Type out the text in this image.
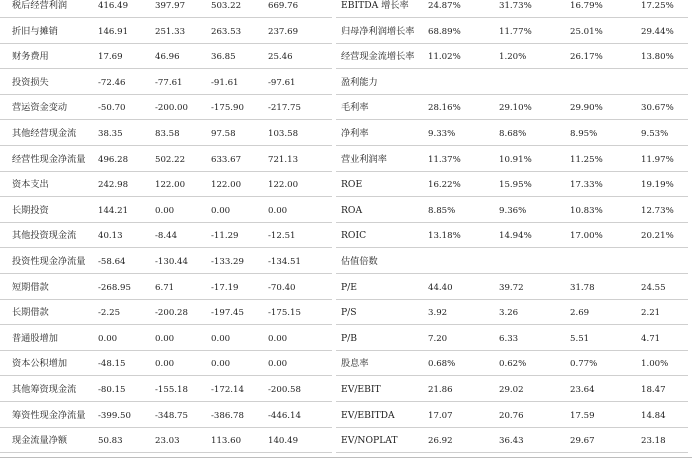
税后经营利润	416.49	397.97	503.22	669.76
折旧与摊销	146.91	251.33	263.53	237.69
财务费用	17.69	46.96	36.85	25.46
投资损失	-72.46	-77.61	-91.61	-97.61
营运资金变动	-50.70	-200.00	-175.90	-217.75
其他经营现金流	38.35	83.58	97.58	103.58
经营性现金净流量 496.28	502.22	633.67	721.13
资本支出	242.98	122.00	122.00	122.00
长期投资	144.21	0.00	0.00	0.00
其他投资现金流	40.13	-8.44	-11.29	-12.51
投资性现金净流量 -58.64	-130.44	-133.29	-134.51
短期借款	-268.95	6.71	-17.19	-70.40
长期借款	-2.25	-200.28	-197.45	-175.15
普通股增加	0.00	0.00	0.00	0.00
资本公积增加	-48.15	0.00	0.00	0.00
其他筹资现金流	-80.15	-155.18	-172.14	-200.58
筹资性现金净流量 -399.50	-348.75	-386.78	-446.14
现金流量净额	50.83	23.03	113.60	140.49
EBITDA 增长率 24.87%	31.73%	16.79%	17.25%
归母净利润增长率 68.89%	11.77%	25.01%	29.44%
经营现金流增长率 11.02%	1.20%	26.17%	13.80%
盈利能力
毛利率	28.16%	29.10%	29.90%	30.67%
净利率	9.33%	8.68%	8.95%	9.53%
营业利润率	11.37%	10.91%	11.25%	11.97%
ROE	16.22%	15.95%	17.33%	19.19%
ROA	8.85%	9.36%	10.83%	12.73%
ROIC	13.18%	14.94%	17.00%	20.21%
估值倍数
P/E	44.40	39.72	31.78	24.55
P/S	3.92	3.26	2.69	2.21
P/B	7.20	6.33	5.51	4.71
股息率	0.68%	0.62%	0.77%	1.00%
EV/EBIT	21.86	29.02	23.64	18.47
EV/EBITDA	17.07	20.76	17.59	14.84
EV/NOPLAT	26.92	36.43	29.67	23.18
